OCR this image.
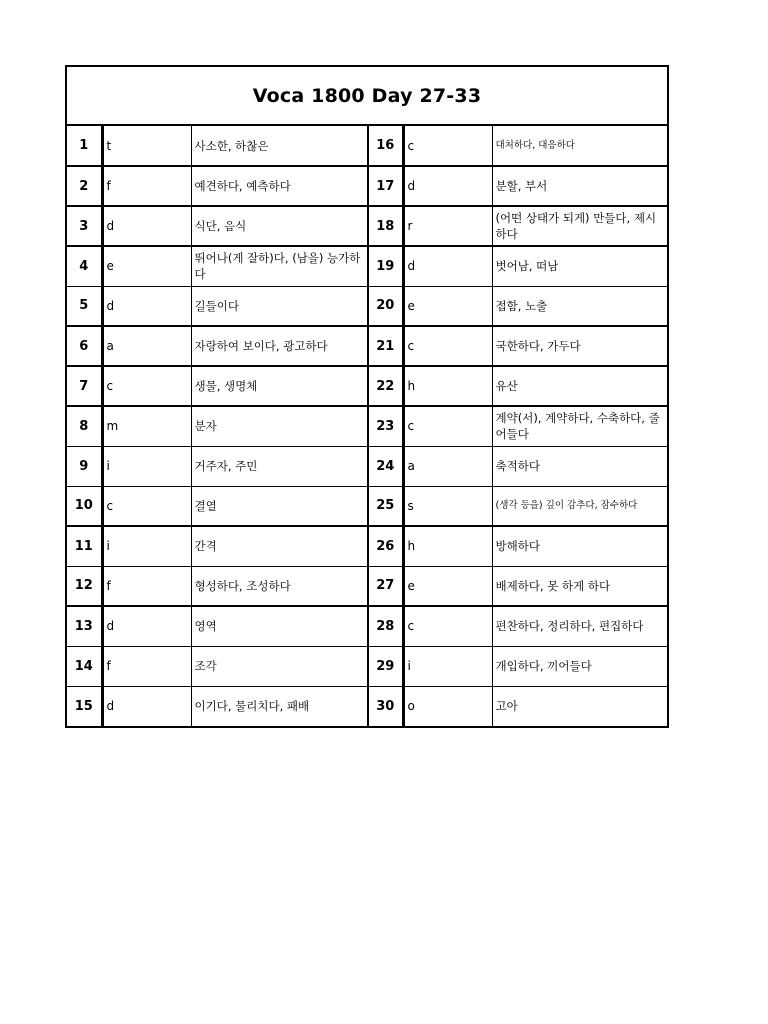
Voca 1800 Day 27-33
1	t	사소한, 하찮은	16	c	대처하다, 대응하다
2	f	예견하다, 예측하다	17	d	분할, 부서
3	d	식단, 음식	18	r	(어떤 상태가 되게) 만들다, 제시하다
4	e	뛰어나(게 잘하)다, (남을) 능가하다	19	d	벗어남, 떠남
5	d	길들이다	20	e	접함, 노출
6	a	자랑하여 보이다, 광고하다	21	c	국한하다, 가두다
7	c	생물, 생명체	22	h	유산
8	m	분자	23	c	계약(서), 계약하다, 수축하다, 줄어들다
9	i	거주자, 주민	24	a	축적하다
10	c	결열	25	s	(생각 등을) 깊이 감추다, 잠수하다
11	i	간격	26	h	방해하다
12	f	형성하다, 조성하다	27	e	배제하다, 못 하게 하다
13	d	영역	28	c	편찬하다, 정리하다, 편집하다
14	f	조각	29	i	개입하다, 끼어들다
15	d	이기다, 물리치다, 패배	30	o	고아
